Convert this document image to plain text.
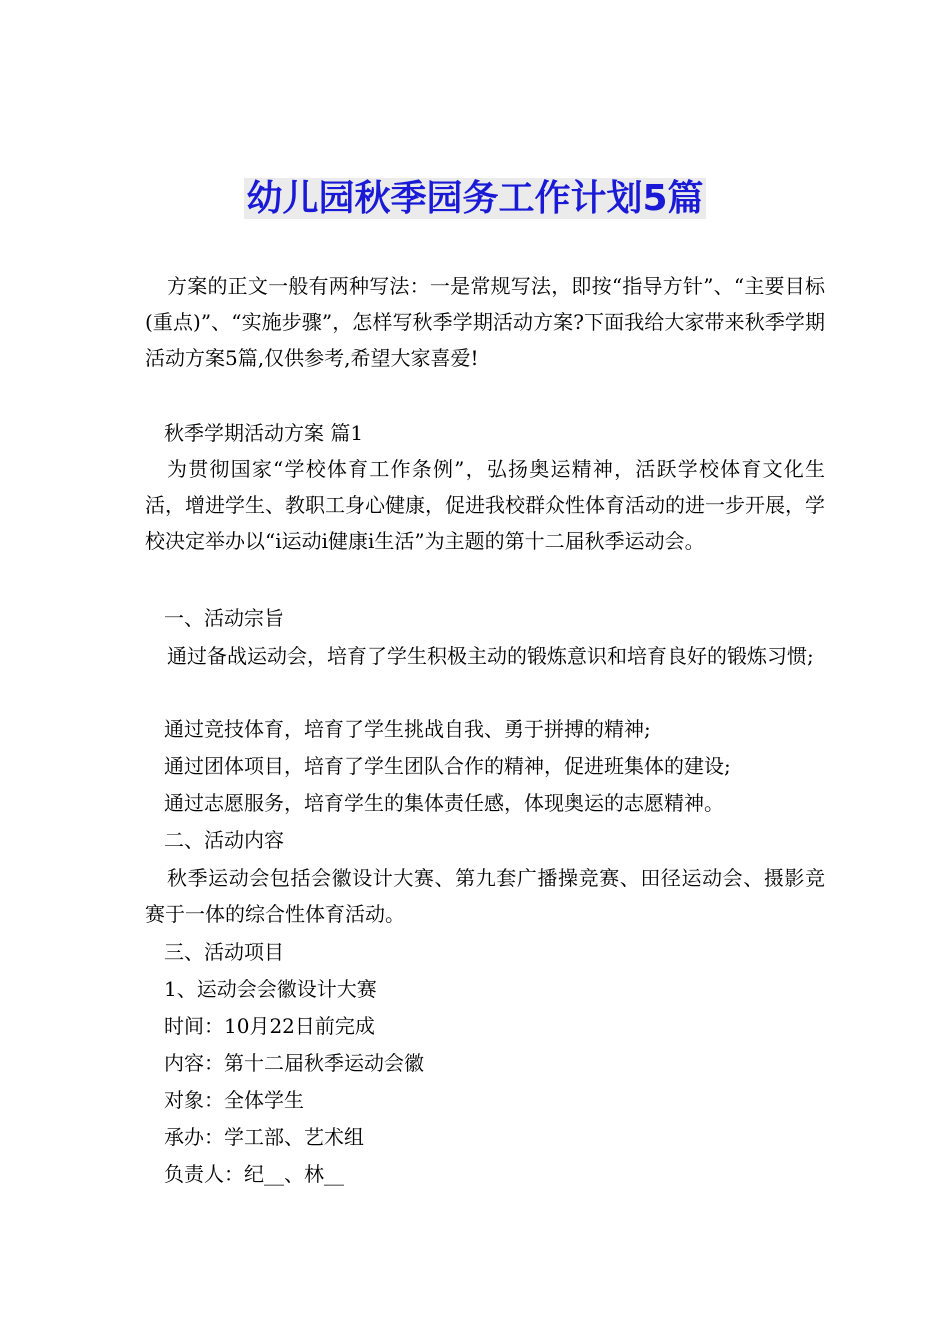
幼儿园秋季园务工作计划5篇

方案的正文一般有两种写法：一是常规写法，即按“指导方针”、“主要目标(重点)”、“实施步骤”，怎样写秋季学期活动方案?下面我给大家带来秋季学期活动方案5篇,仅供参考,希望大家喜爱!

秋季学期活动方案 篇1

为贯彻国家“学校体育工作条例”，弘扬奥运精神，活跃学校体育文化生活，增进学生、教职工身心健康，促进我校群众性体育活动的进一步开展，学校决定举办以“i运动i健康i生活”为主题的第十二届秋季运动会。

一、活动宗旨

通过备战运动会，培育了学生积极主动的锻炼意识和培育良好的锻炼习惯;

通过竞技体育，培育了学生挑战自我、勇于拼搏的精神;

通过团体项目，培育了学生团队合作的精神，促进班集体的建设;

通过志愿服务，培育学生的集体责任感，体现奥运的志愿精神。

二、活动内容

秋季运动会包括会徽设计大赛、第九套广播操竞赛、田径运动会、摄影竞赛于一体的综合性体育活动。

三、活动项目

1、运动会会徽设计大赛

时间：10月22日前完成

内容：第十二届秋季运动会徽

对象：全体学生

承办：学工部、艺术组

负责人：纪__、林__
